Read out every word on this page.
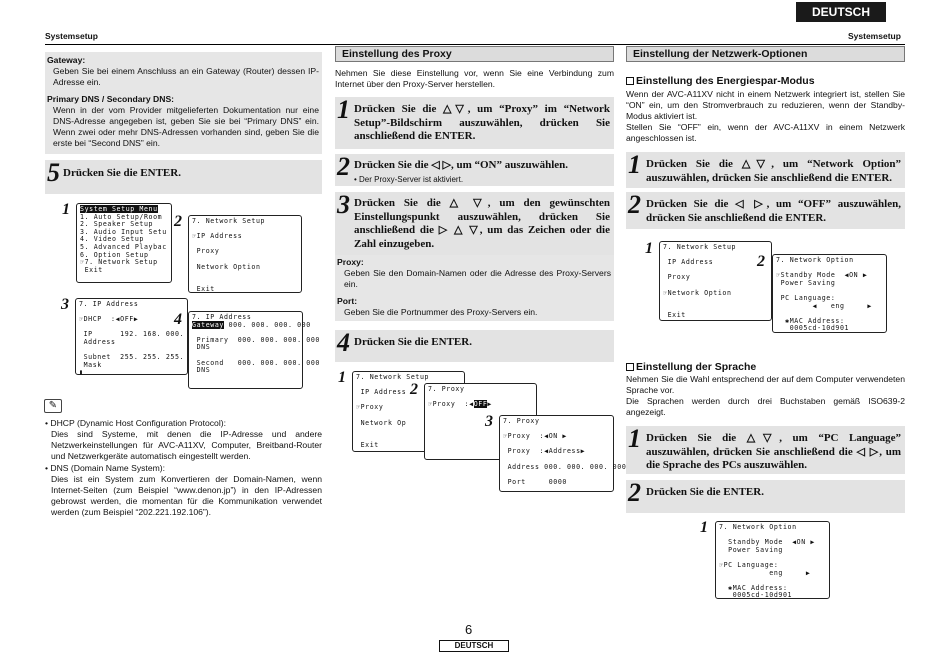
DEUTSCH
Systemsetup	Systemsetup
Gateway:
Geben Sie bei einem Anschluss an ein Gateway (Router) dessen IP-Adresse ein.
Primary DNS / Secondary DNS:
Wenn in der vom Provider mitgelieferten Dokumentation nur eine DNS-Adresse angegeben ist, geben Sie sie bei “Primary DNS” ein. Wenn zwei oder mehr DNS-Adressen vorhanden sind, geben Sie die erste bei “Second DNS” ein.
5 Drücken Sie die ENTER.
1	System Setup Menu
1. Auto Setup/Room
2. Speaker Setup
3. Audio Input Setu
4. Video Setup
5. Advanced Playbac
6. Option Setup
☞7. Network Setup
Exit
2	7. Network Setup

☞IP Address

Proxy

Network Option

Exit
3	7. IP Address

☞DHCP  :◀OFF▶

IP      192. 168. 000.
Address

Subnet  255. 255. 255.
Mask
▮
4	7. IP Address
Gateway 000. 000. 000. 000

Primary  000. 000. 000. 000
DNS

Second   000. 000. 000. 000
DNS
✎
• DHCP (Dynamic Host Configuration Protocol):
Dies sind Systeme, mit denen die IP-Adresse und andere Netzwerkeinstellungen für AVC-A11XV, Computer, Breitband-Router und Netzwerkgeräte automatisch eingestellt werden.
• DNS (Domain Name System):
Dies ist ein System zum Konvertieren der Domain-Namen, wenn Internet-Seiten (zum Beispiel “www.denon.jp”) in den IP-Adressen gebrowst werden, die momentan für die Kommunikation verwendet werden (zum Beispiel “202.221.192.106”).
Einstellung des Proxy
Nehmen Sie diese Einstellung vor, wenn Sie eine Verbindung zum Internet über den Proxy-Server herstellen.
1 Drücken Sie die △▽, um “Proxy” im “Network Setup”-Bildschirm auszuwählen, drücken Sie anschließend die ENTER.
2 Drücken Sie die ◁ ▷, um “ON” auszuwählen.
• Der Proxy-Server ist aktiviert.
3 Drücken Sie die △ ▽, um den gewünschten Einstellungspunkt auszuwählen, drücken Sie anschließend die ▷ △ ▽, um das Zeichen oder die Zahl einzugeben.
Proxy:
Geben Sie den Domain-Namen oder die Adresse des Proxy-Servers ein.
Port:
Geben Sie die Portnummer des Proxy-Servers ein.
4 Drücken Sie die ENTER.
1	7. Network Setup

IP Address

☞Proxy

Network Op

Exit
2	7. Proxy

☞Proxy  :◀OFF▶
3	7. Proxy

☞Proxy  :◀ON ▶

Proxy  :◀Address▶

Address 000. 000. 000. 000

Port     0000
Einstellung der Netzwerk-Optionen
Einstellung des Energiespar-Modus
Wenn der AVC-A11XV nicht in einem Netzwerk integriert ist, stellen Sie “ON” ein, um den Stromverbrauch zu reduzieren, wenn der Standby-Modus aktiviert ist.
Stellen Sie “OFF” ein, wenn der AVC-A11XV in einem Netzwerk angeschlossen ist.
1 Drücken Sie die △▽, um “Network Option” auszuwählen, drücken Sie anschließend die ENTER.
2 Drücken Sie die ◁ ▷, um “OFF” auszuwählen, drücken Sie anschließend die ENTER.
1	7. Network Setup

IP Address

Proxy

☞Network Option

Exit
2	7. Network Option

☞Standby Mode  ◀ON ▶
Power Saving

PC Language:
◀   eng     ▶

✱MAC Address:
0005cd-10d901
Einstellung der Sprache
Nehmen Sie die Wahl entsprechend der auf dem Computer verwendeten Sprache vor.
Die Sprachen werden durch drei Buchstaben gemäß ISO639-2 angezeigt.
1 Drücken Sie die △▽, um “PC Language” auszuwählen, drücken Sie anschließend die ◁ ▷, um die Sprache des PCs auszuwählen.
2 Drücken Sie die ENTER.
1	7. Network Option

Standby Mode  ◀ON ▶
Power Saving

☞PC Language:
eng     ▶

✱MAC Address:
0005cd-10d901
6
DEUTSCH
